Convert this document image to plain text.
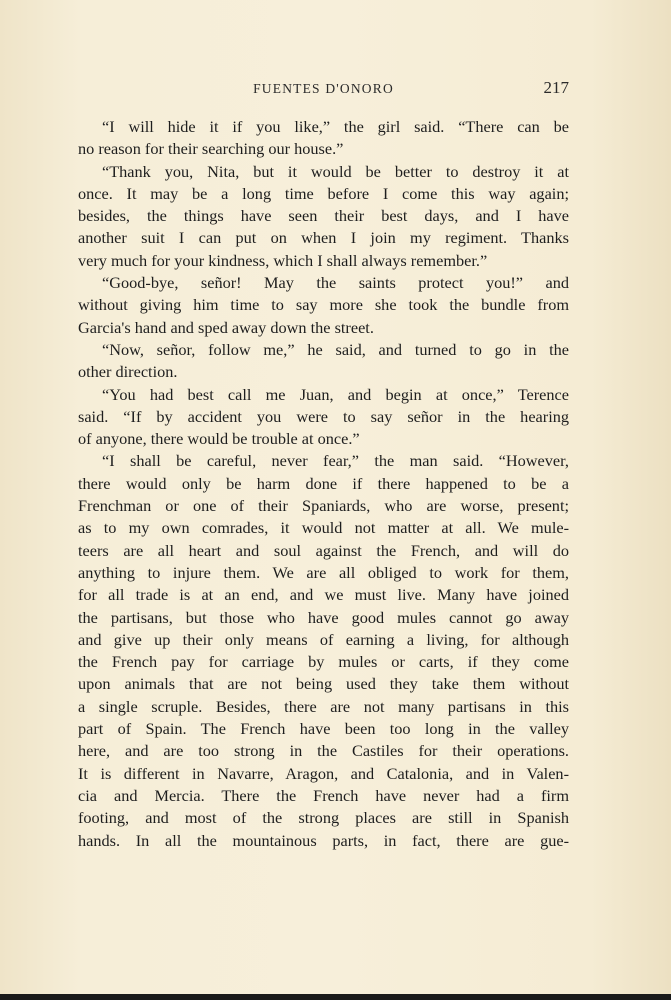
FUENTES D'ONORO	217
“I will hide it if you like,” the girl said. “There can be
no reason for their searching our house.”
“Thank you, Nita, but it would be better to destroy it at
once. It may be a long time before I come this way again;
besides, the things have seen their best days, and I have
another suit I can put on when I join my regiment. Thanks
very much for your kindness, which I shall always remember.”
“Good-bye, señor! May the saints protect you!” and
without giving him time to say more she took the bundle from
Garcia's hand and sped away down the street.
“Now, señor, follow me,” he said, and turned to go in the
other direction.
“You had best call me Juan, and begin at once,” Terence
said. “If by accident you were to say señor in the hearing
of anyone, there would be trouble at once.”
“I shall be careful, never fear,” the man said. “However,
there would only be harm done if there happened to be a
Frenchman or one of their Spaniards, who are worse, present;
as to my own comrades, it would not matter at all. We mule-
teers are all heart and soul against the French, and will do
anything to injure them. We are all obliged to work for them,
for all trade is at an end, and we must live. Many have joined
the partisans, but those who have good mules cannot go away
and give up their only means of earning a living, for although
the French pay for carriage by mules or carts, if they come
upon animals that are not being used they take them without
a single scruple. Besides, there are not many partisans in this
part of Spain. The French have been too long in the valley
here, and are too strong in the Castiles for their operations.
It is different in Navarre, Aragon, and Catalonia, and in Valen-
cia and Mercia. There the French have never had a firm
footing, and most of the strong places are still in Spanish
hands. In all the mountainous parts, in fact, there are gue-
